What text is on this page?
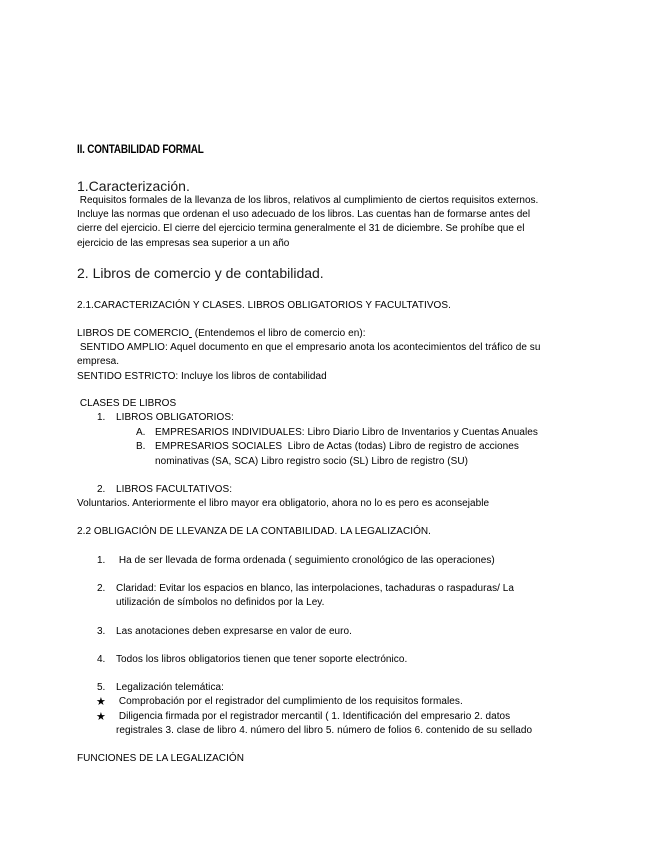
II. CONTABILIDAD FORMAL
1.Caracterización.
Requisitos formales de la llevanza de los libros, relativos al cumplimiento de ciertos requisitos externos.
Incluye las normas que ordenan el uso adecuado de los libros. Las cuentas han de formarse antes del
cierre del ejercicio. El cierre del ejercicio termina generalmente el 31 de diciembre. Se prohíbe que el
ejercicio de las empresas sea superior a un año
2. Libros de comercio y de contabilidad.
2.1.CARACTERIZACIÓN Y CLASES. LIBROS OBLIGATORIOS Y FACULTATIVOS.
LIBROS DE COMERCIO  (Entendemos el libro de comercio en):
SENTIDO AMPLIO: Aquel documento en que el empresario anota los acontecimientos del tráfico de su
empresa.
SENTIDO ESTRICTO: Incluye los libros de contabilidad
CLASES DE LIBROS
1. LIBROS OBLIGATORIOS:
A. EMPRESARIOS INDIVIDUALES: Libro Diario Libro de Inventarios y Cuentas Anuales
B. EMPRESARIOS SOCIALES  Libro de Actas (todas) Libro de registro de acciones
nominativas (SA, SCA) Libro registro socio (SL) Libro de registro (SU)
2. LIBROS FACULTATIVOS:
Voluntarios. Anteriormente el libro mayor era obligatorio, ahora no lo es pero es aconsejable
2.2 OBLIGACIÓN DE LLEVANZA DE LA CONTABILIDAD. LA LEGALIZACIÓN.
1. Ha de ser llevada de forma ordenada ( seguimiento cronológico de las operaciones)
2. Claridad: Evitar los espacios en blanco, las interpolaciones, tachaduras o raspaduras/ La
utilización de símbolos no definidos por la Ley.
3. Las anotaciones deben expresarse en valor de euro.
4. Todos los libros obligatorios tienen que tener soporte electrónico.
5. Legalización telemática:
★ Comprobación por el registrador del cumplimiento de los requisitos formales.
★ Diligencia firmada por el registrador mercantil ( 1. Identificación del empresario 2. datos
registrales 3. clase de libro 4. número del libro 5. número de folios 6. contenido de su sellado
FUNCIONES DE LA LEGALIZACIÓN
